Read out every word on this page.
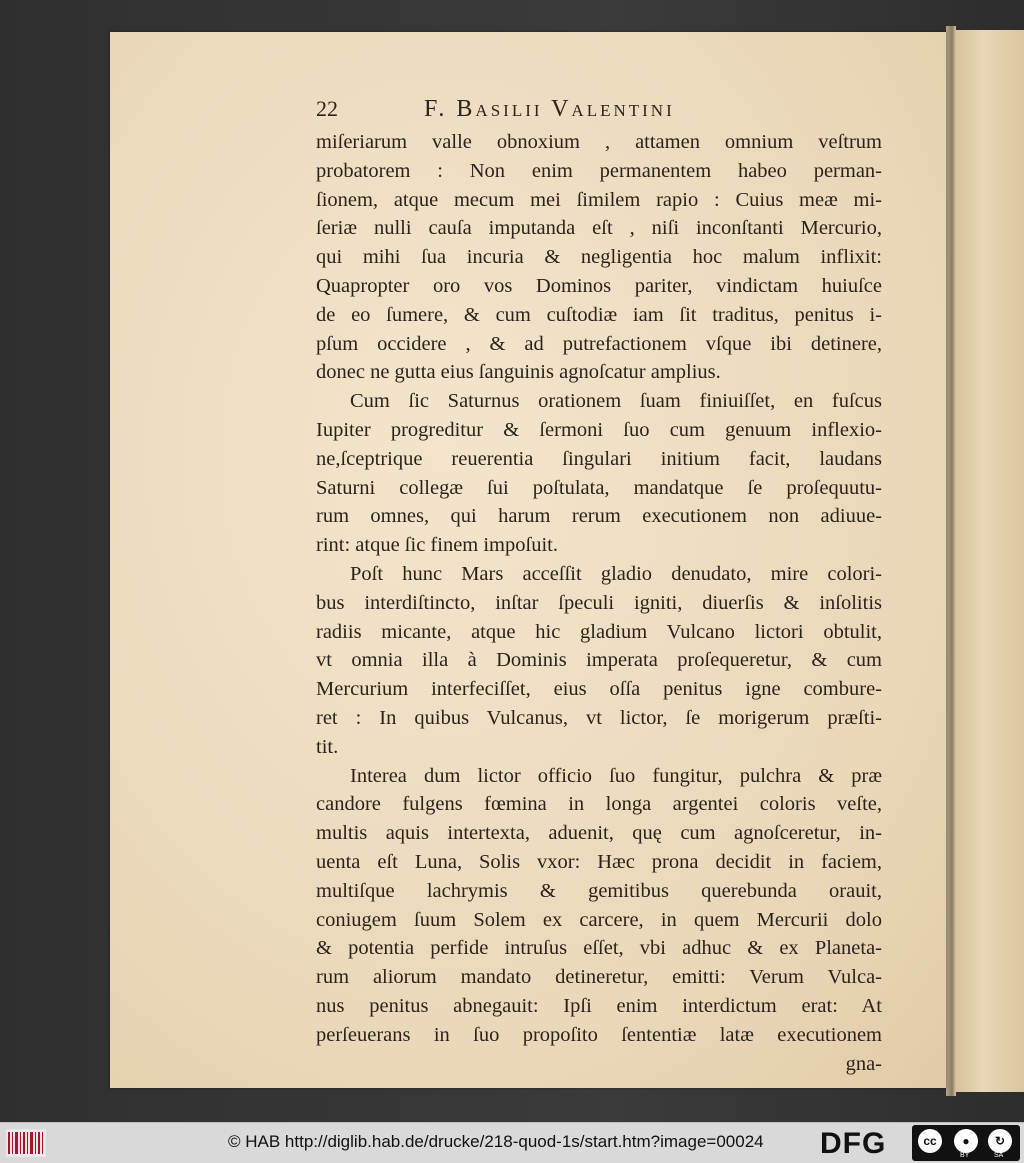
22	F. Basilii Valentini
miſeriarum valle obnoxium , attamen omnium veſtrum
probatorem : Non enim permanentem habeo perman-
ſionem, atque mecum mei ſimilem rapio : Cuius meæ mi-
ſeriæ nulli cauſa imputanda eſt , niſi inconſtanti Mercurio,
qui mihi ſua incuria & negligentia hoc malum inflixit:
Quapropter oro vos Dominos pariter, vindictam huiuſce
de eo ſumere, & cum cuſtodiæ iam ſit traditus, penitus i-
pſum occidere , & ad putrefactionem vſque ibi detinere,
donec ne gutta eius ſanguinis agnoſcatur amplius.
Cum ſic Saturnus orationem ſuam finiuiſſet, en fuſcus
Iupiter progreditur & ſermoni ſuo cum genuum inflexio-
ne,ſceptrique reuerentia ſingulari initium facit, laudans
Saturni collegæ ſui poſtulata, mandatque ſe proſequutu-
rum omnes, qui harum rerum executionem non adiuue-
rint: atque ſic finem impoſuit.
Poſt hunc Mars acceſſit gladio denudato, mire colori-
bus interdiſtincto, inſtar ſpeculi igniti, diuerſis & inſolitis
radiis micante, atque hic gladium Vulcano lictori obtulit,
vt omnia illa à Dominis imperata proſequeretur, & cum
Mercurium interfeciſſet, eius oſſa penitus igne combure-
ret : In quibus Vulcanus, vt lictor, ſe morigerum præſti-
tit.
Interea dum lictor officio ſuo fungitur, pulchra & præ
candore fulgens fœmina in longa argentei coloris veſte,
multis aquis intertexta, aduenit, quę cum agnoſceretur, in-
uenta eſt Luna, Solis vxor: Hæc prona decidit in faciem,
multiſque lachrymis & gemitibus querebunda orauit,
coniugem ſuum Solem ex carcere, in quem Mercurii dolo
& potentia perfide intruſus eſſet, vbi adhuc & ex Planeta-
rum aliorum mandato detineretur, emitti: Verum Vulca-
nus penitus abnegauit: Ipſi enim interdictum erat: At
perſeuerans in ſuo propoſito ſententiæ latæ executionem
gna-
© HAB http://diglib.hab.de/drucke/218-quod-1s/start.htm?image=00024 DFG	cc	●	↻
BY	SA
